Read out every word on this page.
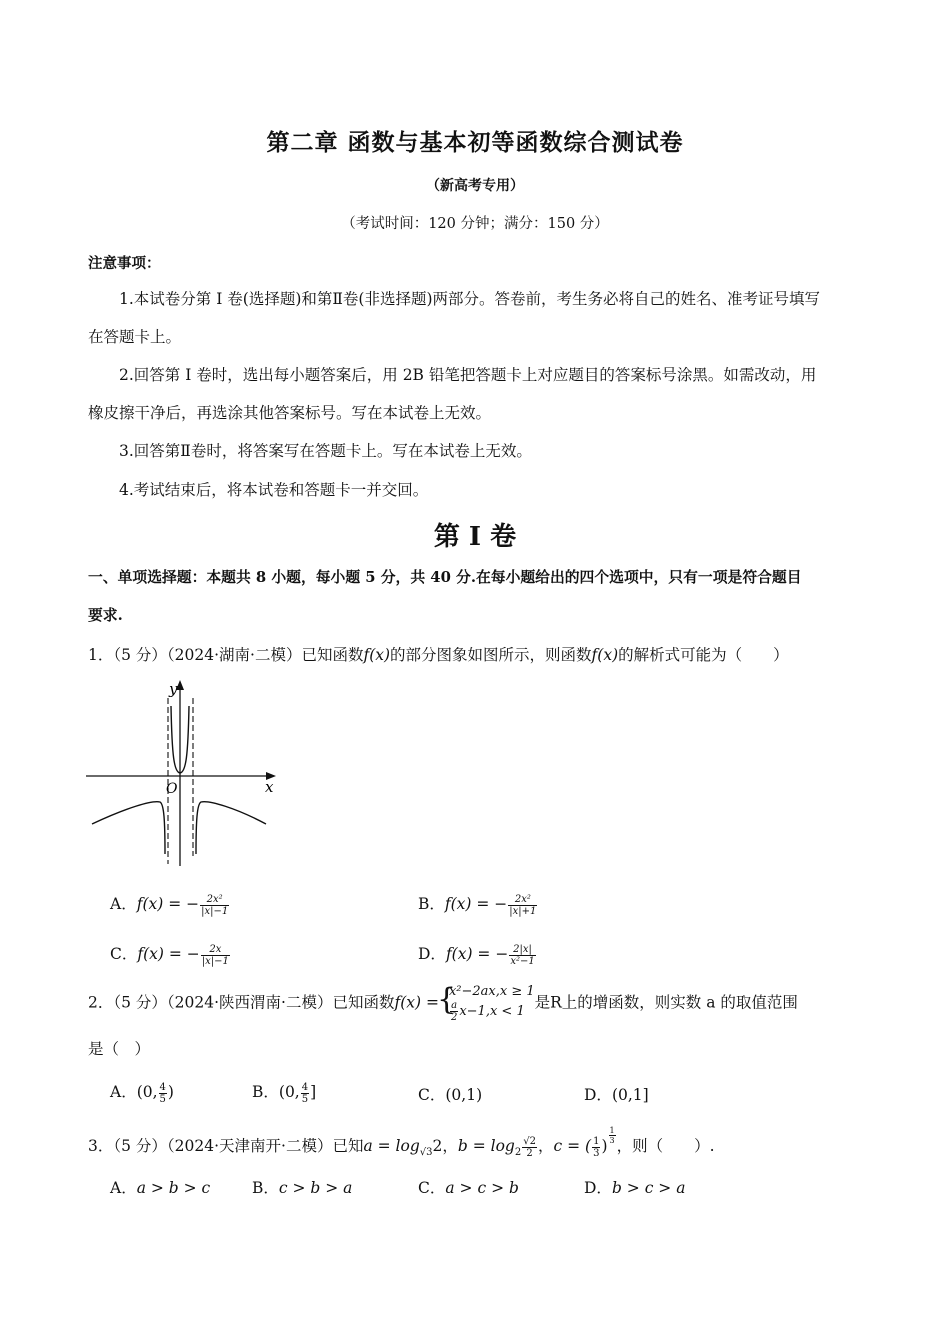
第二章 函数与基本初等函数综合测试卷
（新高考专用）
（考试时间：120 分钟；满分：150 分）
注意事项：
1.本试卷分第 I 卷(选择题)和第Ⅱ卷(非选择题)两部分。答卷前，考生务必将自己的姓名、准考证号填写
在答题卡上。
2.回答第 I 卷时，选出每小题答案后，用 2B 铅笔把答题卡上对应题目的答案标号涂黑。如需改动，用
橡皮擦干净后，再选涂其他答案标号。写在本试卷上无效。
3.回答第Ⅱ卷时，将答案写在答题卡上。写在本试卷上无效。
4.考试结束后，将本试卷和答题卡一并交回。
第 I 卷
一、单项选择题：本题共 8 小题，每小题 5 分，共 40 分.在每小题给出的四个选项中，只有一项是符合题目
要求.
1．（5 分）（2024·湖南·二模）已知函数f(x)的部分图象如图所示，则函数f(x)的解析式可能为（　　）
y
x
O
A．f(x) = − $\frac{\text{2x²}}{|x|-1}$	B．f(x) = − $\frac{\text{2x²}}{|x|+1}$
C．f(x) = − $\frac{2x}{|x|-1}$	D．f(x) = − $\frac{2|x|}{\text{x²−1}}$
2．（5 分）（2024·陕西渭南·二模）已知函数f(x) =
{ x²−2ax,x ≥ 1
$\frac{a}{2} x-1,x < 1$ 是R上的增函数，则实数 a 的取值范围
是（　）
A．(0, $\frac{4}{5}$ )	B．(0, $\frac{4}{5}$ ]	C．(0,1)	D．(0,1]
3．（5 分）（2024·天津南开·二模）已知$a = \log_{√3}2$，$b = \log_2 \frac{√2}{2}$ ，c = ( $\frac{1}{3}$ )
$\frac{1}{3}$
，则（　　）.
A．a > b > c	B．c > b > a	C．a > c > b	D．b > c > a
